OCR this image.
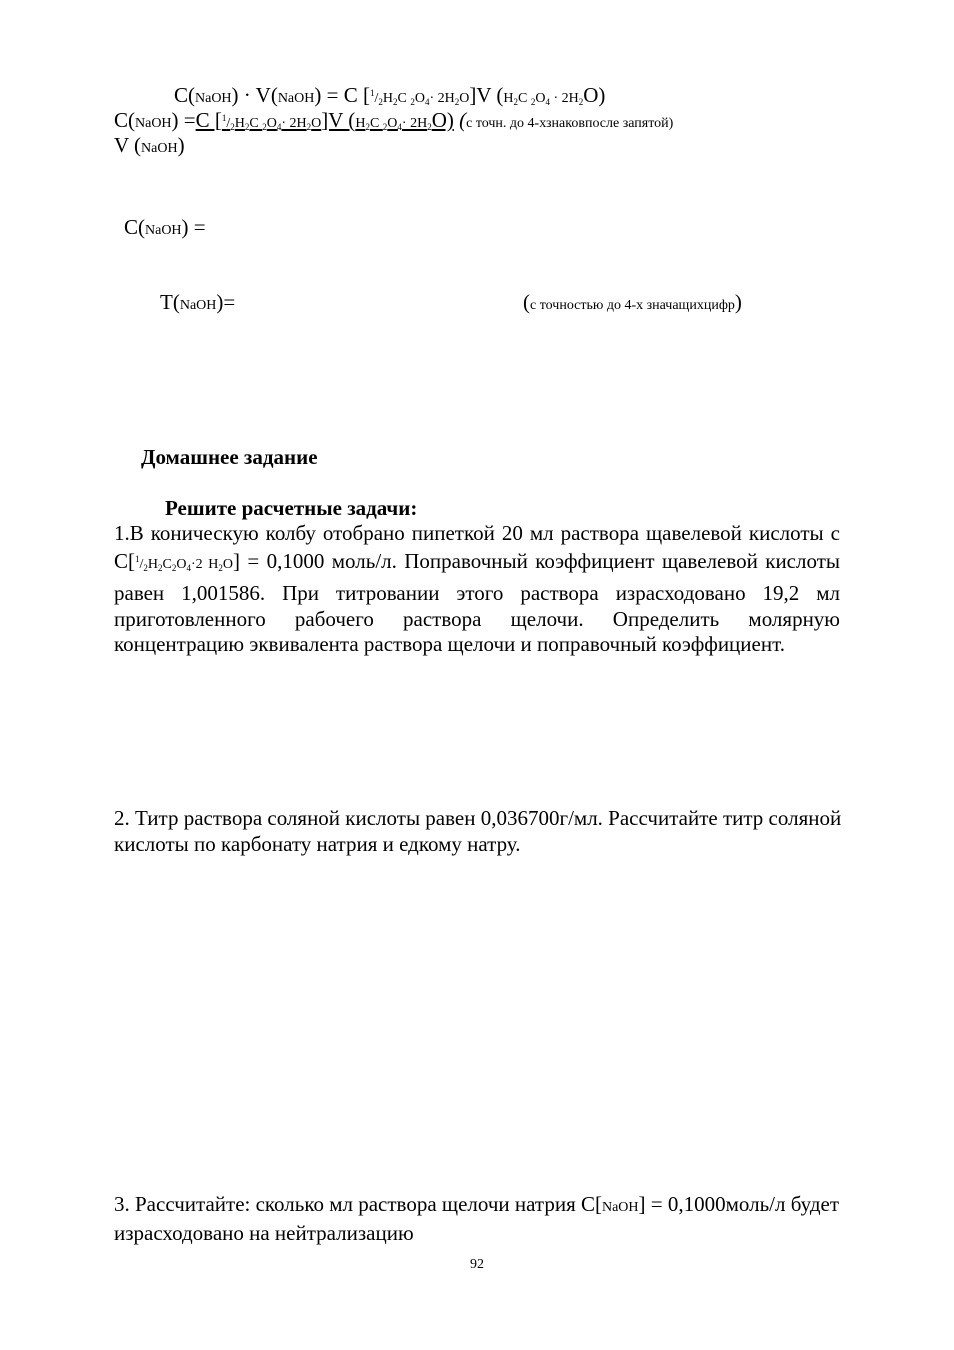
C(NaOH) · V(NaOH) = C [$^1/_2H_2C$ $_2O_4\cdot 2H_2O]V$ ($H_2C$ $_2O_4 \cdot 2H_2O$)
C(NaOH) =C [$^1/_2H_2C$ $_2O_4\cdot 2H_2O]V$ ($H_2C$ $_2O_4\cdot 2H_2O$) (с точн. до 4-хзнаковпосле запятой)
V (NaOH)
C(NaOH) =
T(NaOH)=	(с точностью до 4-х значащихцифр)
Домашнее задание
Решите расчетные задачи:
1.В коническую колбу отобрано пипеткой 20 мл раствора щавелевой кислоты с $C[^1/_2H_2C_2O_4\cdot 2$ $H_2O] = 0,1000$ моль/л. Поправочный коэффициент щавелевой кислоты равен 1,001586. При титровании этого раствора израсходовано 19,2 мл приготовленного рабочего раствора щелочи. Определить молярную концентрацию эквивалента раствора щелочи и поправочный коэффициент.
2. Титр раствора соляной кислоты равен 0,036700г/мл. Рассчитайте титр соляной кислоты по карбонату натрия и едкому натру.
3. Рассчитайте: сколько мл раствора щелочи натрия C[NaOH] = 0,1000моль/л будет израсходовано на нейтрализацию
92
